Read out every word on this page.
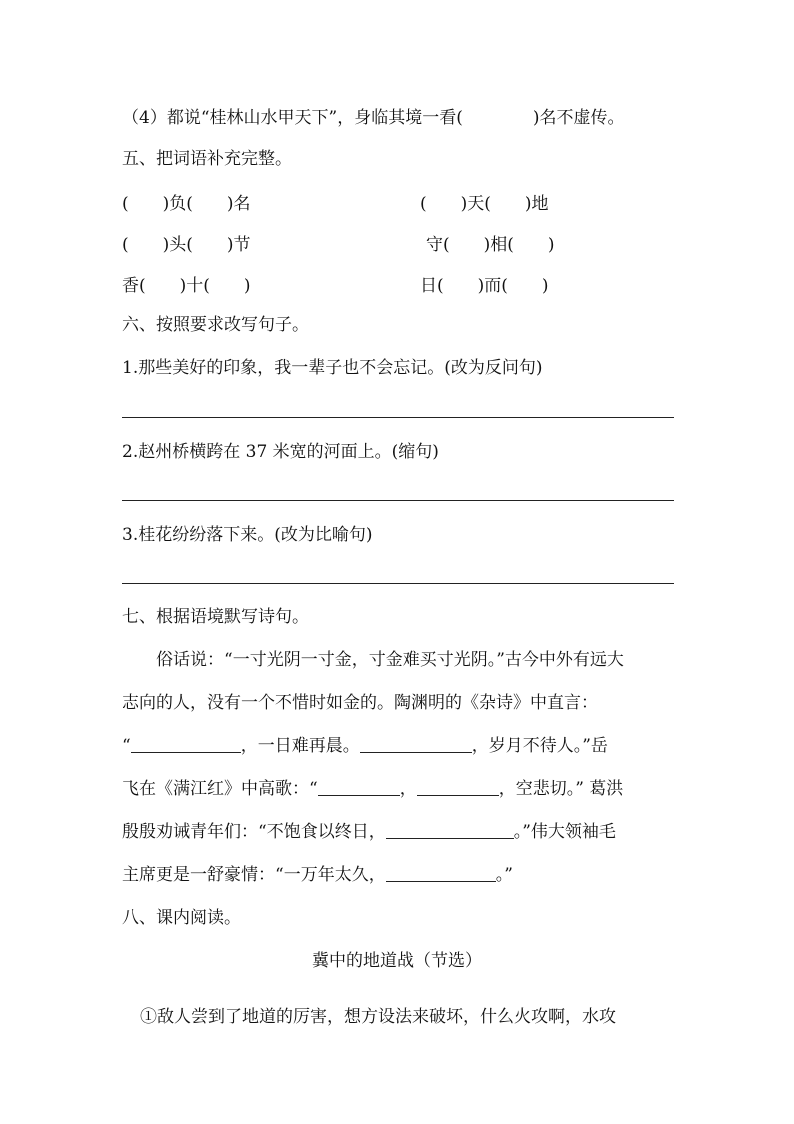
（4）都说“桂林山水甲天下”，身临其境一看(	)名不虚传。
五、把词语补充完整。
(　　)负(　　)名	(　　)天(　　)地
(　　)头(　　)节	守(　　)相(　　)
香(　　)十(　　)	日(　　)而(　　)
六、按照要求改写句子。
1.那些美好的印象，我一辈子也不会忘记。(改为反问句)
2.赵州桥横跨在 37 米宽的河面上。(缩句)
3.桂花纷纷落下来。(改为比喻句)
七、根据语境默写诗句。
俗话说：“一寸光阴一寸金，寸金难买寸光阴。”古今中外有远大
志向的人，没有一个不惜时如金的。陶渊明的《杂诗》中直言：
“	，一日难再晨。	，岁月不待人。”岳
飞在《满江红》中高歌：“	，	，空悲切。” 葛洪
殷殷劝诫青年们：“不饱食以终日，	。”伟大领袖毛
主席更是一舒豪情：“一万年太久，	。”
八、课内阅读。
冀中的地道战（节选）
①敌人尝到了地道的厉害，想方设法来破坏，什么火攻啊，水攻
